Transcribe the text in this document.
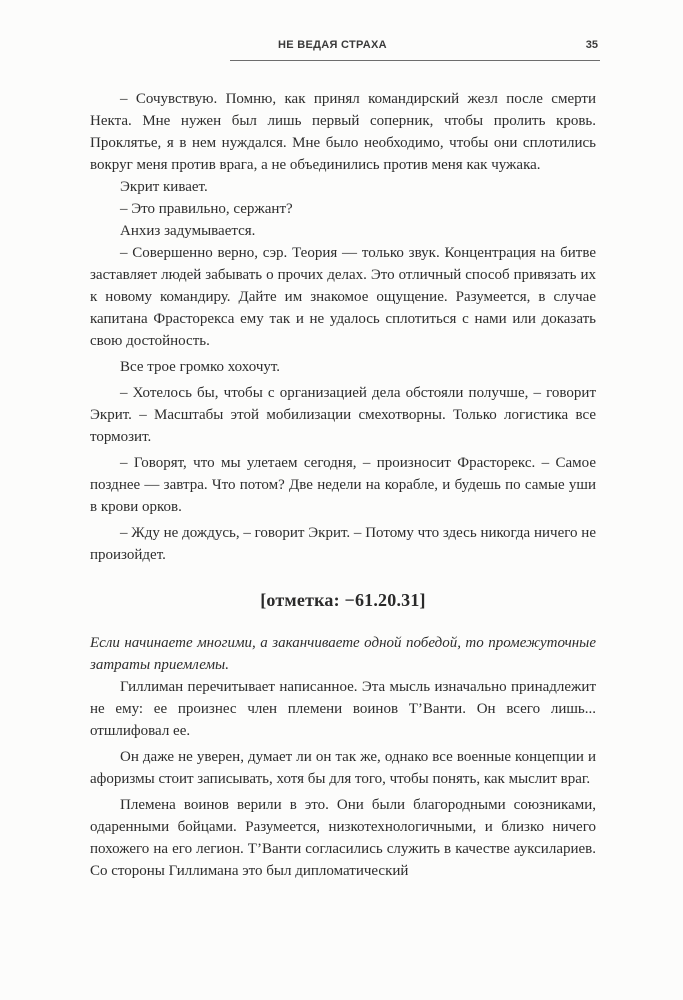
НЕ ВЕДАЯ СТРАХА	35

– Сочувствую. Помню, как принял командирский жезл после смерти Некта. Мне нужен был лишь первый соперник, чтобы пролить кровь. Проклятье, я в нем нуждался. Мне было необходимо, чтобы они сплотились вокруг меня против врага, а не объединились против меня как чужака.

Экрит кивает.

– Это правильно, сержант?

Анхиз задумывается.

– Совершенно верно, сэр. Теория — только звук. Концентрация на битве заставляет людей забывать о прочих делах. Это отличный способ привязать их к новому командиру. Дайте им знакомое ощущение. Разумеется, в случае капитана Фрасторекса ему так и не удалось сплотиться с нами или доказать свою достойность.

Все трое громко хохочут.

– Хотелось бы, чтобы с организацией дела обстояли получше, – говорит Экрит. – Масштабы этой мобилизации смехотворны. Только логистика все тормозит.

– Говорят, что мы улетаем сегодня, – произносит Фрасторекс. – Самое позднее — завтра. Что потом? Две недели на корабле, и будешь по самые уши в крови орков.

– Жду не дождусь, – говорит Экрит. – Потому что здесь никогда ничего не произойдет.

[отметка: −61.20.31]

Если начинаете многими, а заканчиваете одной победой, то промежуточные затраты приемлемы.

Гиллиман перечитывает написанное. Эта мысль изначально принадлежит не ему: ее произнес член племени воинов Т’Ванти. Он всего лишь... отшлифовал ее.

Он даже не уверен, думает ли он так же, однако все военные концепции и афоризмы стоит записывать, хотя бы для того, чтобы понять, как мыслит враг.

Племена воинов верили в это. Они были благородными союзниками, одаренными бойцами. Разумеется, низкотехнологичными, и близко ничего похожего на его легион. Т’Ванти согласились служить в качестве ауксилариев. Со стороны Гиллимана это был дипломатический
